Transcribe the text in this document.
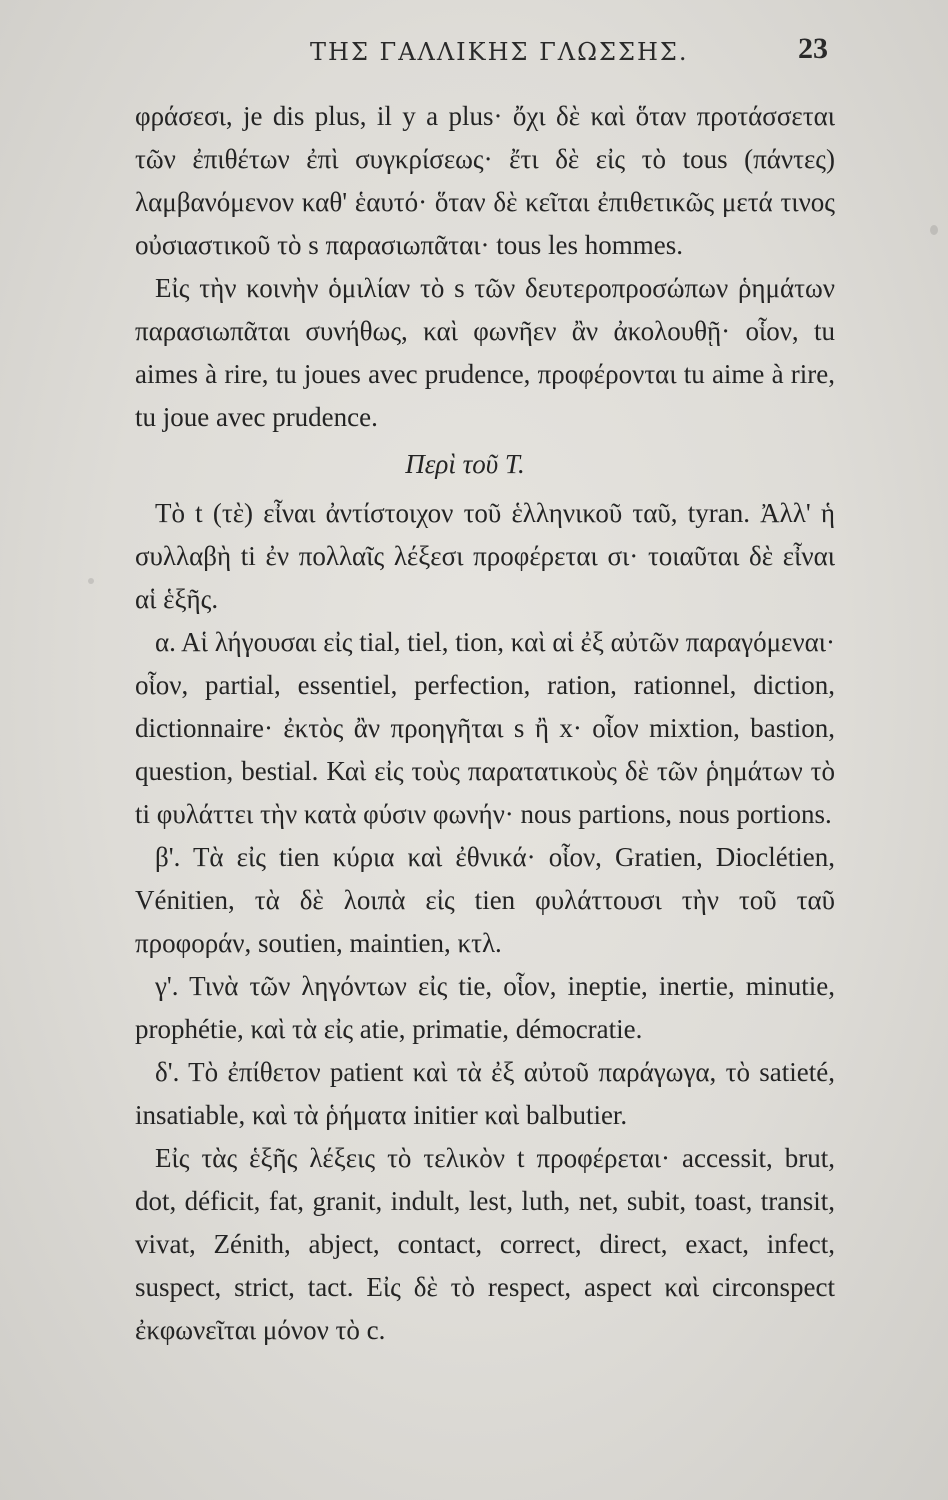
ΤΗΣ ΓΑΛΛΙΚΗΣ ΓΛΩΣΣΗΣ.	23

φράσεσι, je dis plus, il y a plus· ὄχι δὲ καὶ ὅταν προτάσσεται τῶν ἐπιθέτων ἐπὶ συγκρίσεως· ἔτι δὲ εἰς τὸ tous (πάντες) λαμβανόμενον καθ' ἑαυτό· ὅταν δὲ κεῖται ἐπιθετικῶς μετά τινος οὐσιαστικοῦ τὸ s παρασιωπᾶται· tous les hommes.

Εἰς τὴν κοινὴν ὁμιλίαν τὸ s τῶν δευτεροπροσώπων ῥημάτων παρασιωπᾶται συνήθως, καὶ φωνῆεν ἂν ἀκολουθῇ· οἷον, tu aimes à rire, tu joues avec prudence, προφέρονται tu aime à rire, tu joue avec prudence.

Περὶ τοῦ Τ.

Τὸ t (τὲ) εἶναι ἀντίστοιχον τοῦ ἑλληνικοῦ ταῦ, tyran. Ἀλλ' ἡ συλλαβὴ ti ἐν πολλαῖς λέξεσι προφέρεται σι· τοιαῦται δὲ εἶναι αἱ ἑξῆς.

α. Αἱ λήγουσαι εἰς tial, tiel, tion, καὶ αἱ ἐξ αὐτῶν παραγόμεναι· οἷον, partial, essentiel, perfection, ration, rationnel, diction, dictionnaire· ἐκτὸς ἂν προηγῆται s ἢ x· οἷον mixtion, bastion, question, bestial. Καὶ εἰς τοὺς παρατατικοὺς δὲ τῶν ῥημάτων τὸ ti φυλάττει τὴν κατὰ φύσιν φωνήν· nous partions, nous portions.

β'. Τὰ εἰς tien κύρια καὶ ἐθνικά· οἷον, Gratien, Dioclétien, Vénitien, τὰ δὲ λοιπὰ εἰς tien φυλάττουσι τὴν τοῦ ταῦ προφοράν, soutien, maintien, κτλ.

γ'. Τινὰ τῶν ληγόντων εἰς tie, οἷον, ineptie, inertie, minutie, prophétie, καὶ τὰ εἰς atie, primatie, démocratie.

δ'. Τὸ ἐπίθετον patient καὶ τὰ ἐξ αὐτοῦ παράγωγα, τὸ satieté, insatiable, καὶ τὰ ῥήματα initier καὶ balbutier.

Εἰς τὰς ἑξῆς λέξεις τὸ τελικὸν t προφέρεται· accessit, brut, dot, déficit, fat, granit, indult, lest, luth, net, subit, toast, transit, vivat, Zénith, abject, contact, correct, direct, exact, infect, suspect, strict, tact. Εἰς δὲ τὸ respect, aspect καὶ circonspect ἐκφωνεῖται μόνον τὸ c.
